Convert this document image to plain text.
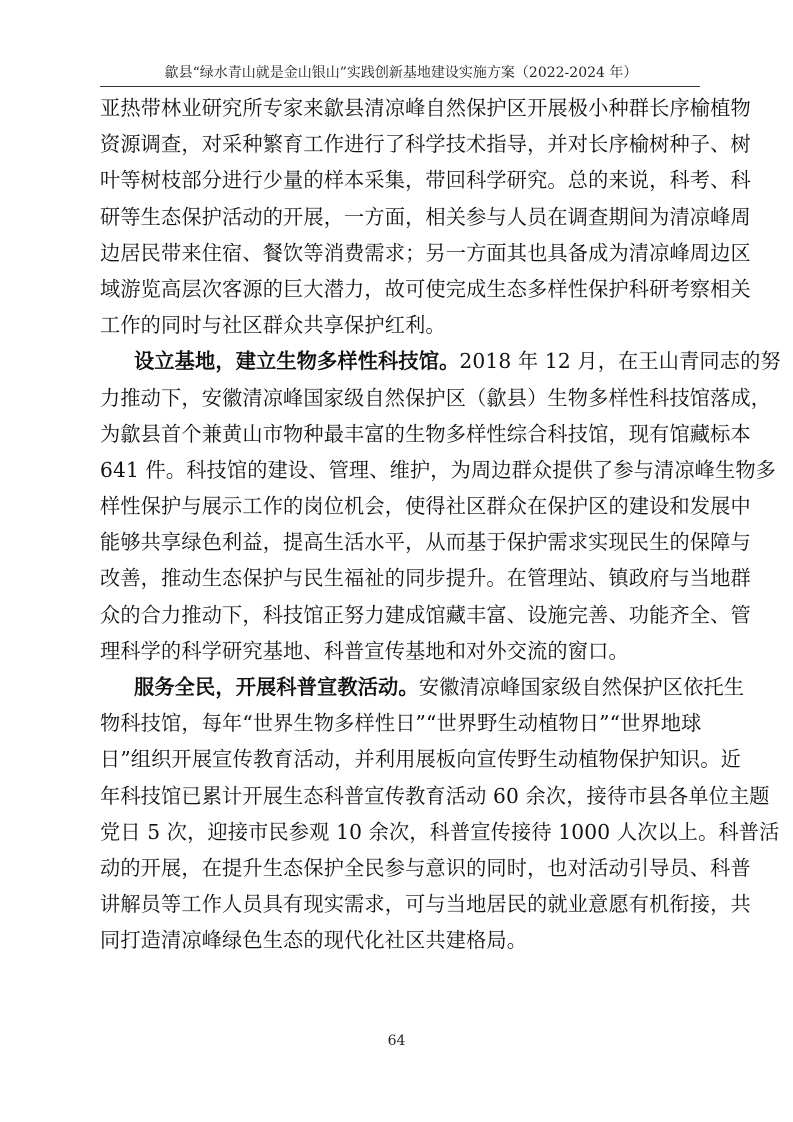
歙县“绿水青山就是金山银山”实践创新基地建设实施方案（2022-2024 年）
亚热带林业研究所专家来歙县清凉峰自然保护区开展极小种群长序榆植物
资源调查，对采种繁育工作进行了科学技术指导，并对长序榆树种子、树
叶等树枝部分进行少量的样本采集，带回科学研究。总的来说，科考、科
研等生态保护活动的开展，一方面，相关参与人员在调查期间为清凉峰周
边居民带来住宿、餐饮等消费需求；另一方面其也具备成为清凉峰周边区
域游览高层次客源的巨大潜力，故可使完成生态多样性保护科研考察相关
工作的同时与社区群众共享保护红利。
设立基地，建立生物多样性科技馆。2018 年 12 月，在王山青同志的努
力推动下，安徽清凉峰国家级自然保护区（歙县）生物多样性科技馆落成，
为歙县首个兼黄山市物种最丰富的生物多样性综合科技馆，现有馆藏标本
641 件。科技馆的建设、管理、维护，为周边群众提供了参与清凉峰生物多
样性保护与展示工作的岗位机会，使得社区群众在保护区的建设和发展中
能够共享绿色利益，提高生活水平，从而基于保护需求实现民生的保障与
改善，推动生态保护与民生福祉的同步提升。在管理站、镇政府与当地群
众的合力推动下，科技馆正努力建成馆藏丰富、设施完善、功能齐全、管
理科学的科学研究基地、科普宣传基地和对外交流的窗口。
服务全民，开展科普宣教活动。安徽清凉峰国家级自然保护区依托生
物科技馆，每年“世界生物多样性日”“世界野生动植物日”“世界地球
日”组织开展宣传教育活动，并利用展板向宣传野生动植物保护知识。近
年科技馆已累计开展生态科普宣传教育活动 60 余次，接待市县各单位主题
党日 5 次，迎接市民参观 10 余次，科普宣传接待 1000 人次以上。科普活
动的开展，在提升生态保护全民参与意识的同时，也对活动引导员、科普
讲解员等工作人员具有现实需求，可与当地居民的就业意愿有机衔接，共
同打造清凉峰绿色生态的现代化社区共建格局。
64
